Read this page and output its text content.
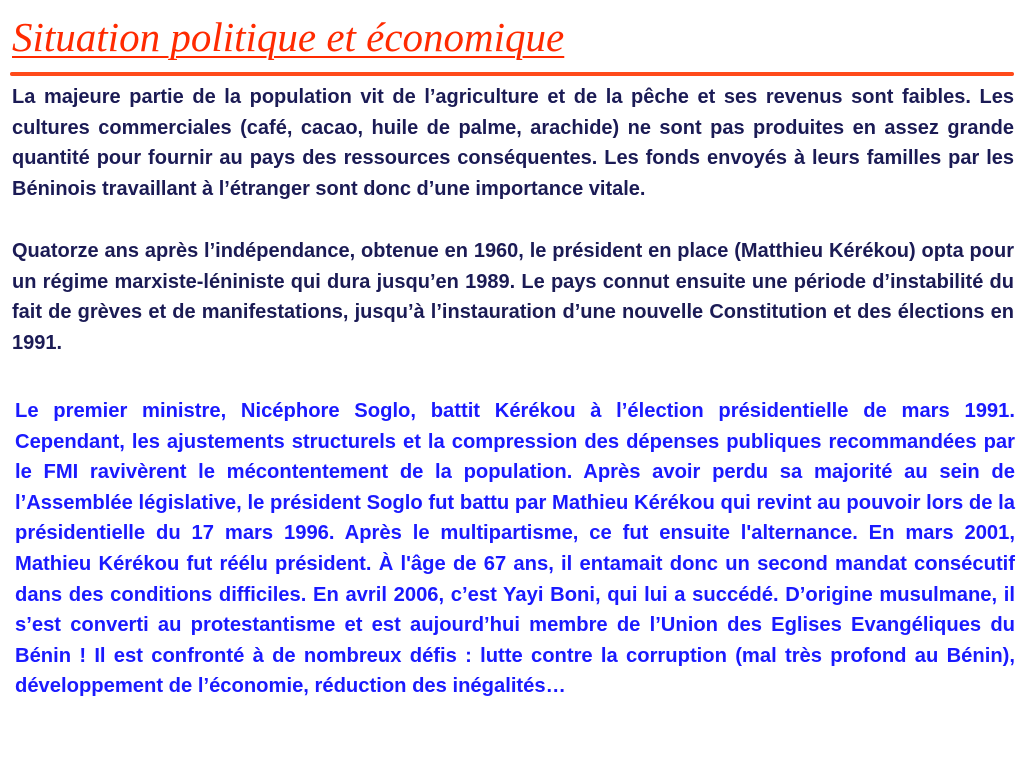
Situation politique et économique

La majeure partie de la population vit de l’agriculture et de la pêche et ses revenus sont faibles. Les cultures commerciales (café, cacao, huile de palme, arachide) ne sont pas produites en assez grande quantité pour fournir au pays des ressources conséquentes. Les fonds envoyés à leurs familles par les Béninois travaillant à l’étranger sont donc d’une importance vitale.

Quatorze ans après l’indépendance, obtenue en 1960, le président en place (Matthieu Kérékou) opta pour un régime marxiste-léniniste qui dura jusqu’en 1989. Le pays connut ensuite une période d’instabilité du fait de grèves et de manifestations, jusqu’à l’instauration d’une nouvelle Constitution et des élections en 1991.

Le premier ministre, Nicéphore Soglo, battit Kérékou à l’élection présidentielle de mars 1991. Cependant, les ajustements structurels et la compression des dépenses publiques recommandées par le FMI ravivèrent le mécontentement de la population. Après avoir perdu sa majorité au sein de l’Assemblée législative, le président Soglo fut battu par Mathieu Kérékou qui revint au pouvoir lors de la présidentielle du 17 mars 1996. Après le multipartisme, ce fut ensuite l'alternance. En mars 2001, Mathieu Kérékou fut réélu président. À l'âge de 67 ans, il entamait donc un second mandat consécutif dans des conditions difficiles. En avril 2006, c’est Yayi Boni, qui lui a succédé. D’origine musulmane, il s’est converti au protestantisme et est aujourd’hui membre de l’Union des Eglises Evangéliques du Bénin ! Il est confronté à de nombreux défis : lutte contre la corruption (mal très profond au Bénin), développement de l’économie, réduction des inégalités…
